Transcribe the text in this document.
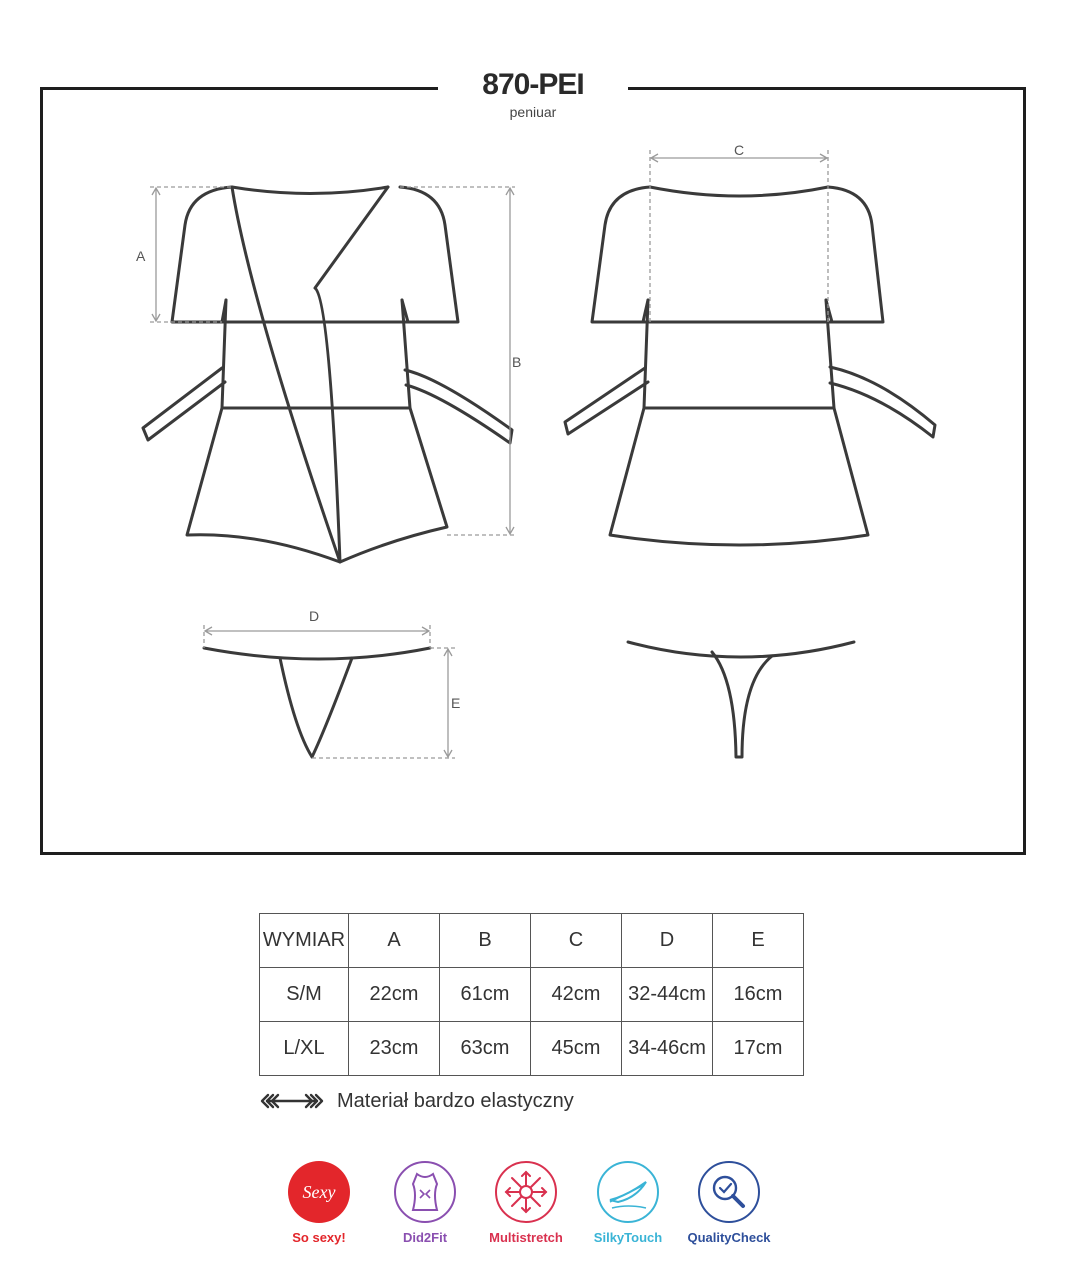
870-PEI
peniuar
A
B
C
D
E
WYMIAR	A	B	C	D	E
S/M	22cm	61cm	42cm	32-44cm	16cm
L/XL	23cm	63cm	45cm	34-46cm	17cm
Materiał bardzo elastyczny
Sexy
So sexy!	Did2Fit	Multistretch	SilkyTouch	QualityCheck
